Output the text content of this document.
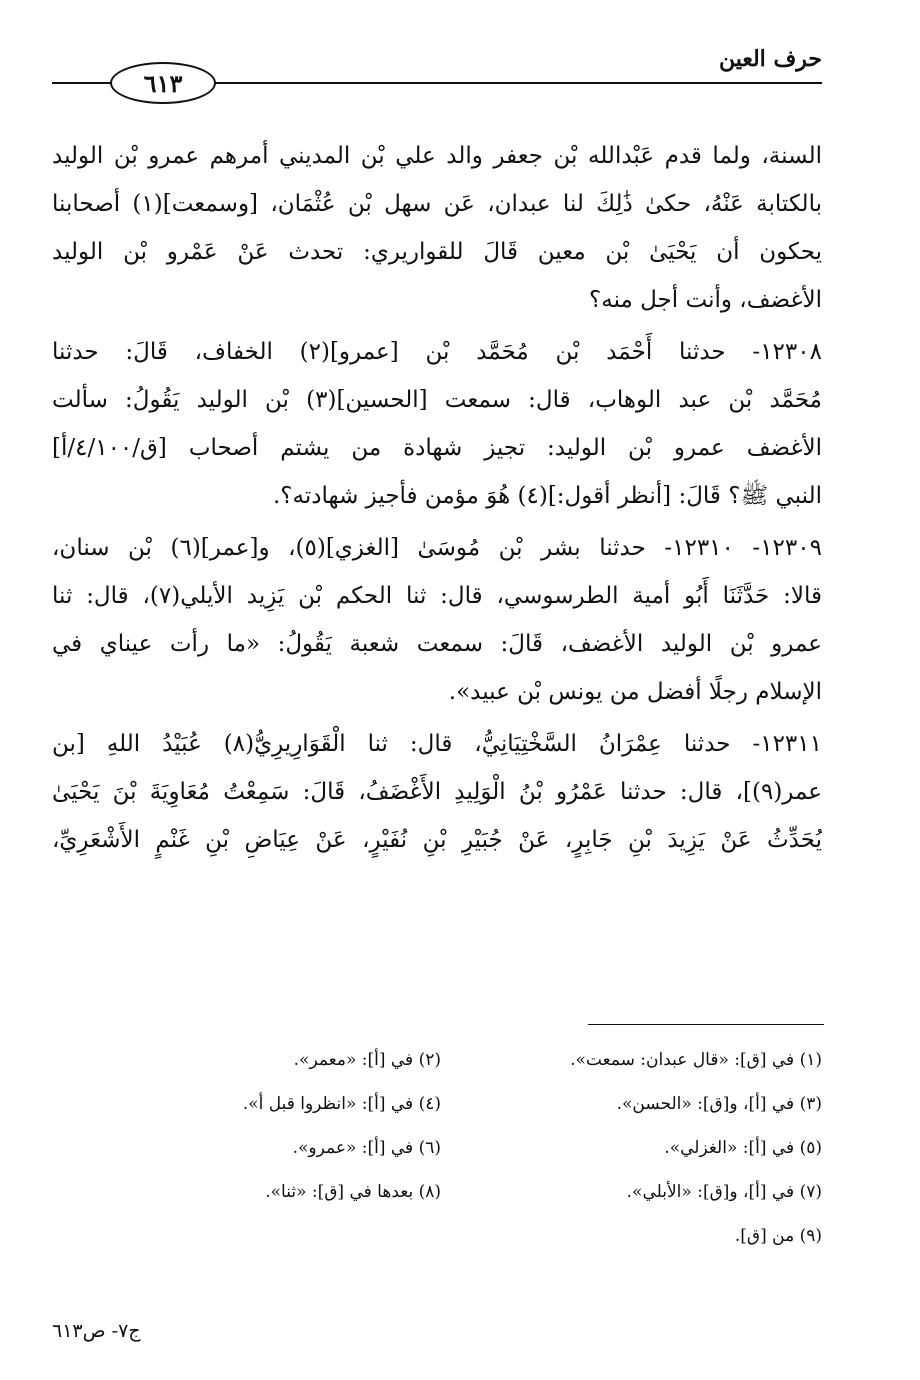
حرف العين
٦١٣
السنة، ولما قدم عَبْدالله بْن جعفر والد علي بْن المديني أمرهم عمرو بْن الوليد
بالكتابة عَنْهُ، حكىٰ ذَٰلِكَ لنا عبدان، عَن سهل بْن عُثْمَان، [وسمعت](١) أصحابنا
يحكون أن يَحْيَىٰ بْن معين قَالَ للقواريري: تحدث عَنْ عَمْرو بْن الوليد
الأغضف، وأنت أجل منه؟
١٢٣٠٨- حدثنا أَحْمَد بْن مُحَمَّد بْن [عمرو](٢) الخفاف، قَالَ: حدثنا
مُحَمَّد بْن عبد الوهاب، قال: سمعت [الحسين](٣) بْن الوليد يَقُولُ: سألت
الأغضف عمرو بْن الوليد: تجيز شهادة من يشتم أصحاب [ق/٤/١٠٠/أ]
النبي ﷺ؟ قَالَ: [أنظر أقول:](٤) هُوَ مؤمن فأجيز شهادته؟.
١٢٣٠٩- ١٢٣١٠- حدثنا بشر بْن مُوسَىٰ [الغزي](٥)، و[عمر](٦) بْن سنان،
قالا: حَدَّثَنَا أَبُو أمية الطرسوسي، قال: ثنا الحكم بْن يَزِيد الأيلي(٧)، قال: ثنا
عمرو بْن الوليد الأغضف، قَالَ: سمعت شعبة يَقُولُ: «ما رأت عيناي في
الإسلام رجلًا أفضل من يونس بْن عبيد».
١٢٣١١- حدثنا عِمْرَانُ السَّخْتِيَانِيُّ، قال: ثنا الْقَوَارِيرِيُّ(٨) عُبَيْدُ اللهِ [بن
عمر(٩)]، قال: حدثنا عَمْرُو بْنُ الْوَلِيدِ الأَغْضَفُ، قَالَ: سَمِعْتُ مُعَاوِيَةَ بْنَ يَحْيَىٰ
يُحَدِّثُ عَنْ يَزِيدَ بْنِ جَابِرٍ، عَنْ جُبَيْرِ بْنِ نُفَيْرٍ، عَنْ عِيَاضِ بْنِ غَنْمٍ الأَشْعَرِيِّ،
(١) في [ق]: «قال عبدان: سمعت».
(٢) في [أ]: «معمر».
(٣) في [أ]، و[ق]: «الحسن».
(٤) في [أ]: «انظروا قبل أ».
(٥) في [أ]: «الغزلي».
(٦) في [أ]: «عمرو».
(٧) في [أ]، و[ق]: «الأبلي».
(٨) بعدها في [ق]: «ثنا».
(٩) من [ق].
ج٧- ص٦١٣
